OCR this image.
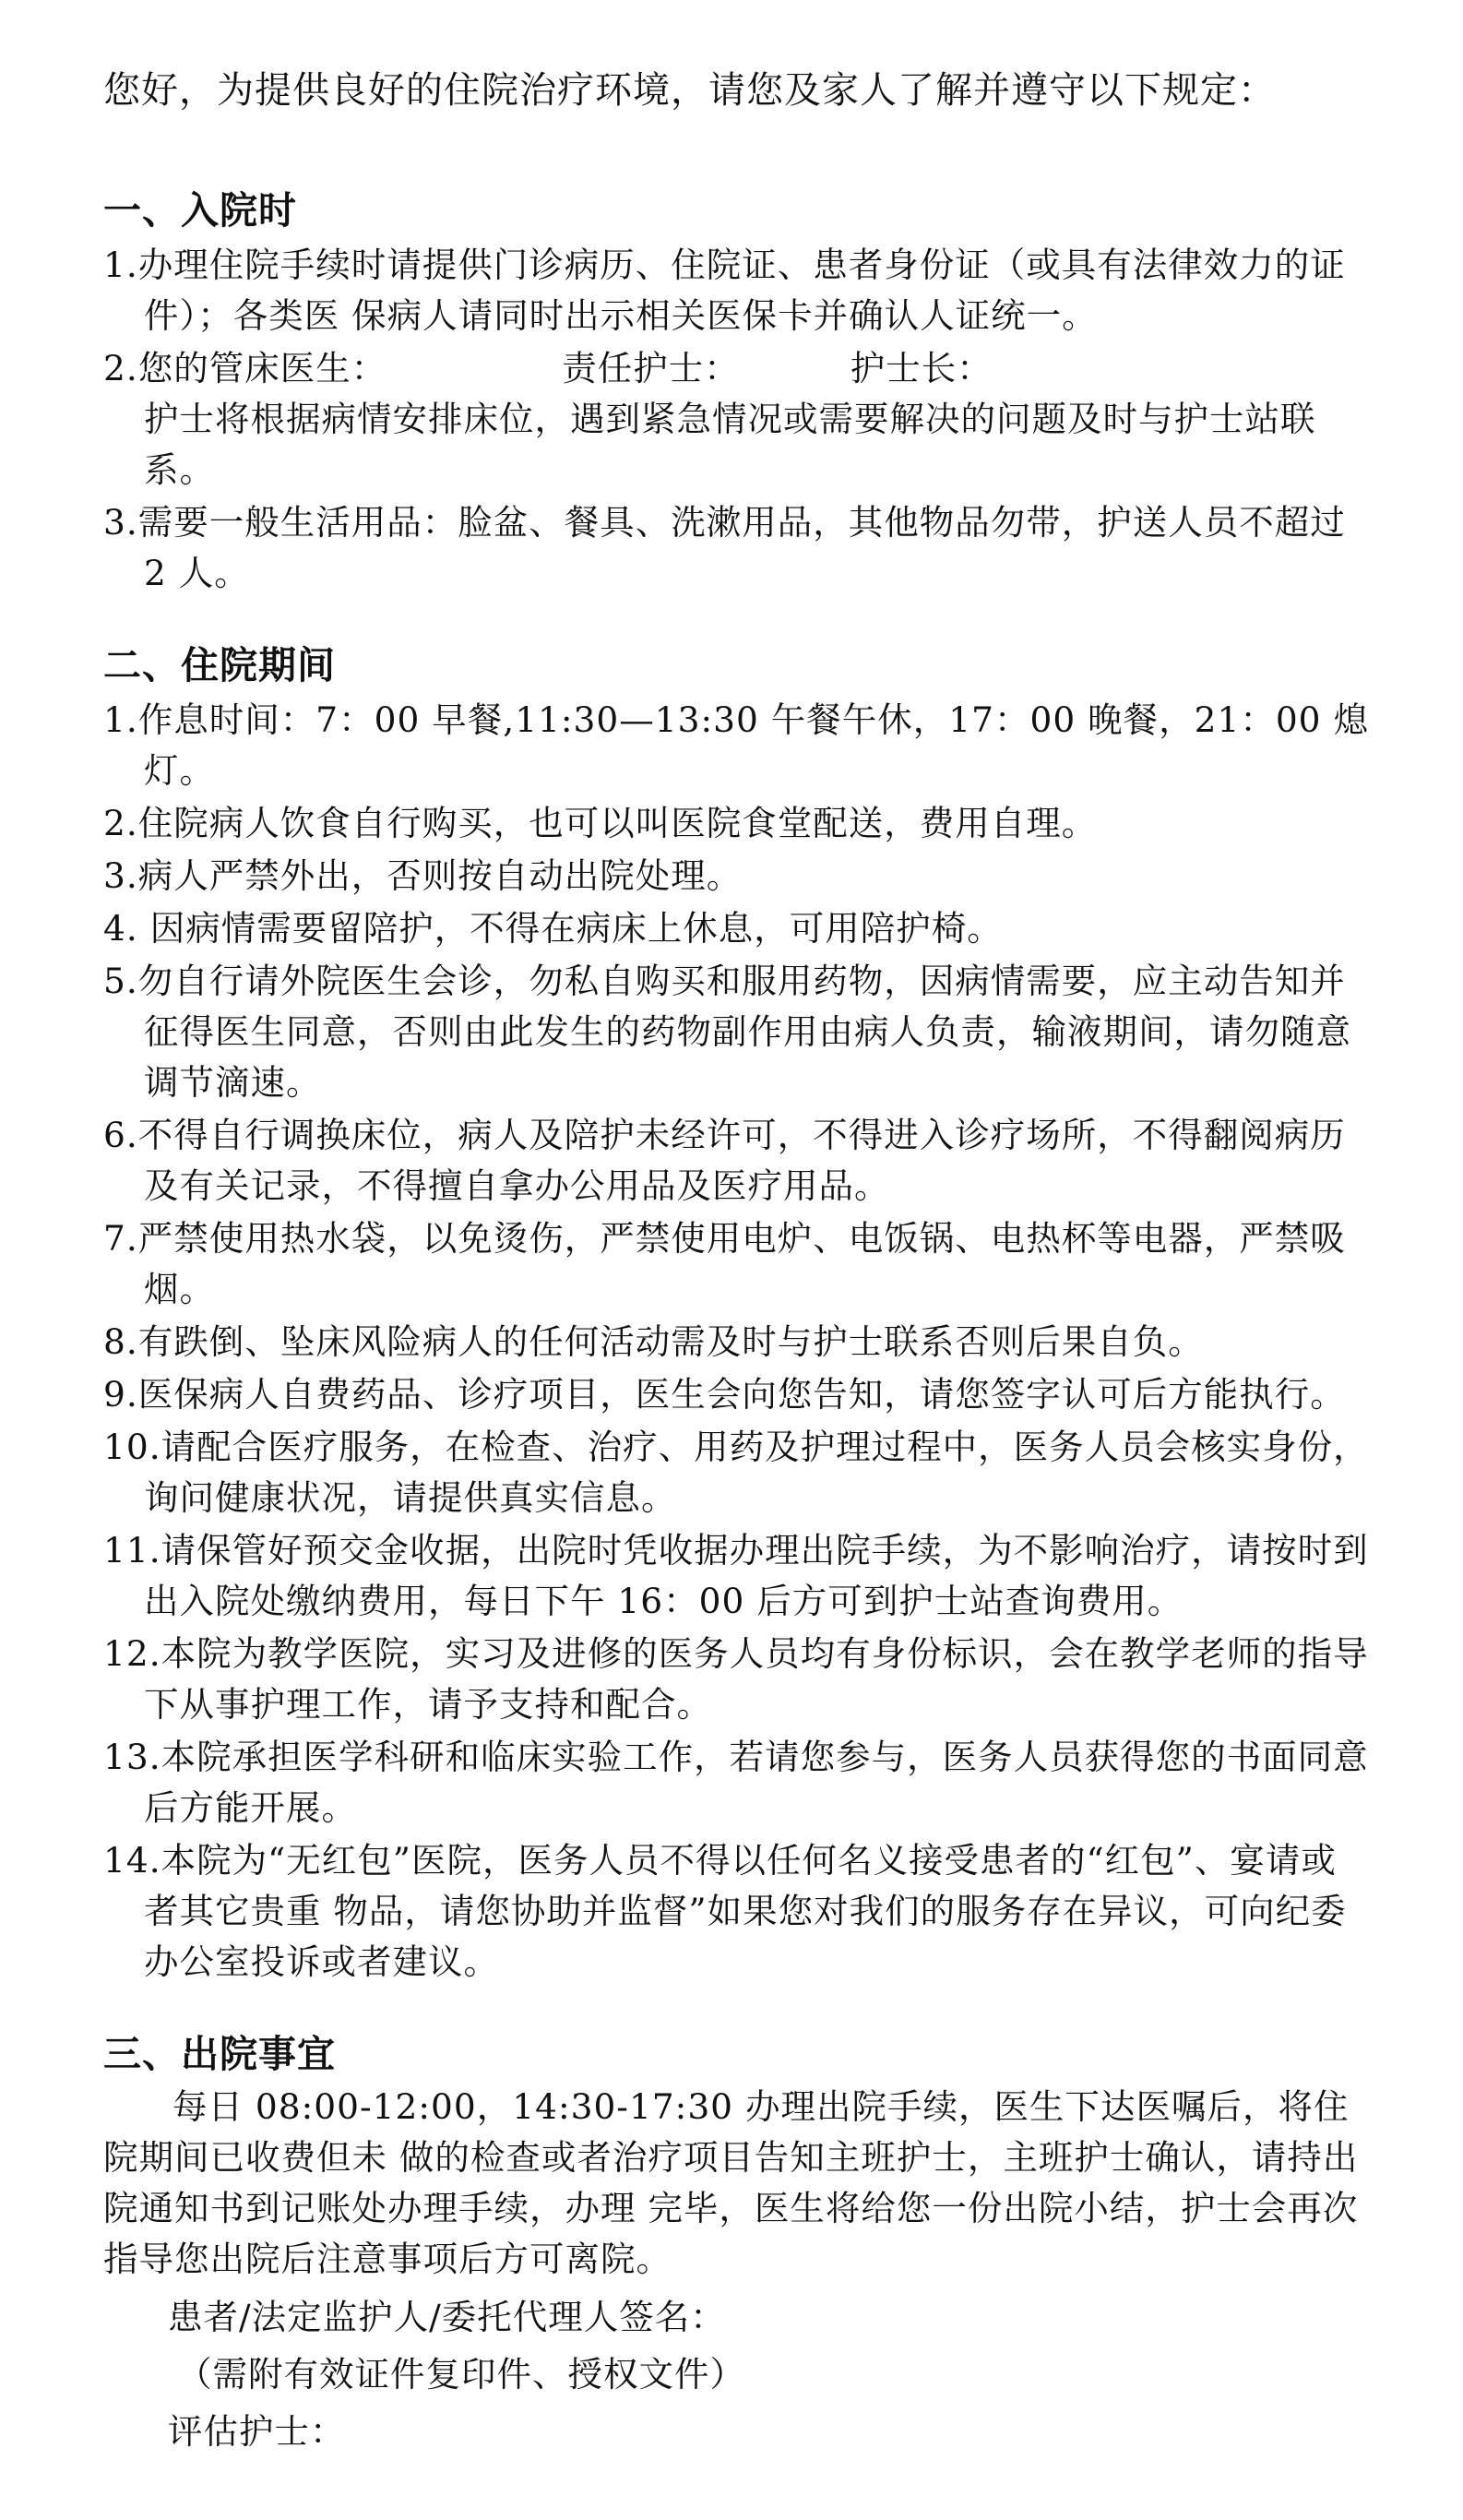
您好，为提供良好的住院治疗环境，请您及家人了解并遵守以下规定：

一、入院时
1.办理住院手续时请提供门诊病历、住院证、患者身份证（或具有法律效力的证件）；各类医 保病人请同时出示相关医保卡并确认人证统一。
2.您的管床医生：	责任护士：	护士长：
护士将根据病情安排床位，遇到紧急情况或需要解决的问题及时与护士站联系。
3.需要一般生活用品：脸盆、餐具、洗漱用品，其他物品勿带，护送人员不超过 2 人。
二、住院期间
1.作息时间：7：00 早餐,11:30—13:30 午餐午休，17：00 晚餐，21：00 熄灯。
2.住院病人饮食自行购买，也可以叫医院食堂配送，费用自理。
3.病人严禁外出，否则按自动出院处理。
4. 因病情需要留陪护，不得在病床上休息，可用陪护椅。
5.勿自行请外院医生会诊，勿私自购买和服用药物，因病情需要，应主动告知并征得医生同意，否则由此发生的药物副作用由病人负责，输液期间，请勿随意调节滴速。
6.不得自行调换床位，病人及陪护未经许可，不得进入诊疗场所，不得翻阅病历及有关记录，不得擅自拿办公用品及医疗用品。
7.严禁使用热水袋，以免烫伤，严禁使用电炉、电饭锅、电热杯等电器，严禁吸烟。
8.有跌倒、坠床风险病人的任何活动需及时与护士联系否则后果自负。
9.医保病人自费药品、诊疗项目，医生会向您告知，请您签字认可后方能执行。
10.请配合医疗服务，在检查、治疗、用药及护理过程中，医务人员会核实身份，询问健康状况，请提供真实信息。
11.请保管好预交金收据，出院时凭收据办理出院手续，为不影响治疗，请按时到出入院处缴纳费用，每日下午 16：00 后方可到护士站查询费用。
12.本院为教学医院，实习及进修的医务人员均有身份标识，会在教学老师的指导下从事护理工作，请予支持和配合。
13.本院承担医学科研和临床实验工作，若请您参与，医务人员获得您的书面同意后方能开展。
14.本院为“无红包”医院，医务人员不得以任何名义接受患者的“红包”、宴请或者其它贵重 物品，请您协助并监督”如果您对我们的服务存在异议，可向纪委办公室投诉或者建议。
三、出院事宜

每日 08:00-12:00，14:30-17:30 办理出院手续，医生下达医嘱后，将住院期间已收费但未 做的检查或者治疗项目告知主班护士，主班护士确认，请持出院通知书到记账处办理手续，办理 完毕，医生将给您一份出院小结，护士会再次指导您出院后注意事项后方可离院。

患者/法定监护人/委托代理人签名：

（需附有效证件复印件、授权文件）

评估护士：
